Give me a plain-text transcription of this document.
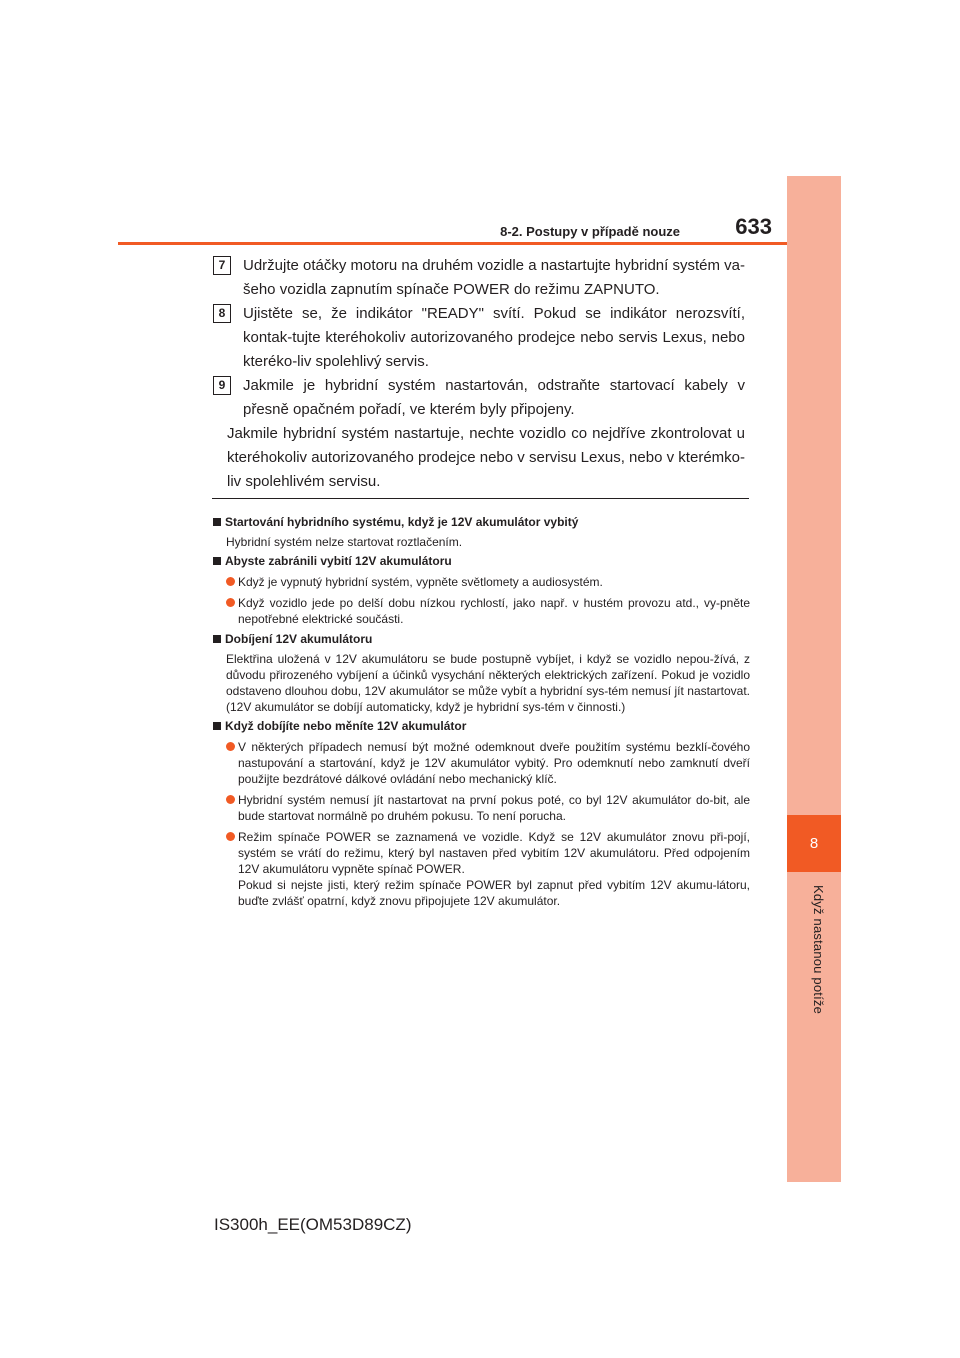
8
Když nastanou potíže
8-2. Postupy v případě nouze	633
7	Udržujte otáčky motoru na druhém vozidle a nastartujte hybridní systém va-šeho vozidla zapnutím spínače POWER do režimu ZAPNUTO.
8	Ujistěte se, že indikátor "READY" svítí. Pokud se indikátor nerozsvítí, kontak-tujte kteréhokoliv autorizovaného prodejce nebo servis Lexus, nebo kteréko-liv spolehlivý servis.
9	Jakmile je hybridní systém nastartován, odstraňte startovací kabely v přesně opačném pořadí, ve kterém byly připojeny.
Jakmile hybridní systém nastartuje, nechte vozidlo co nejdříve zkontrolovat u kteréhokoliv autorizovaného prodejce nebo v servisu Lexus, nebo v kterémko-liv spolehlivém servisu.
Startování hybridního systému, když je 12V akumulátor vybitý
Hybridní systém nelze startovat roztlačením.
Abyste zabránili vybití 12V akumulátoru
Když je vypnutý hybridní systém, vypněte světlomety a audiosystém.
Když vozidlo jede po delší dobu nízkou rychlostí, jako např. v hustém provozu atd., vy-pněte nepotřebné elektrické součásti.
Dobíjení 12V akumulátoru
Elektřina uložená v 12V akumulátoru se bude postupně vybíjet, i když se vozidlo nepou-žívá, z důvodu přirozeného vybíjení a účinků vysychání některých elektrických zařízení. Pokud je vozidlo odstaveno dlouhou dobu, 12V akumulátor se může vybít a hybridní sys-tém nemusí jít nastartovat. (12V akumulátor se dobíjí automaticky, když je hybridní sys-tém v činnosti.)
Když dobíjíte nebo měníte 12V akumulátor
V některých případech nemusí být možné odemknout dveře použitím systému bezklí-čového nastupování a startování, když je 12V akumulátor vybitý. Pro odemknutí nebo zamknutí dveří použijte bezdrátové dálkové ovládání nebo mechanický klíč.
Hybridní systém nemusí jít nastartovat na první pokus poté, co byl 12V akumulátor do-bit, ale bude startovat normálně po druhém pokusu. To není porucha.
Režim spínače POWER se zaznamená ve vozidle. Když se 12V akumulátor znovu při-pojí, systém se vrátí do režimu, který byl nastaven před vybitím 12V akumulátoru. Před odpojením 12V akumulátoru vypněte spínač POWER.
Pokud si nejste jisti, který režim spínače POWER byl zapnut před vybitím 12V akumu-látoru, buďte zvlášť opatrní, když znovu připojujete 12V akumulátor.
IS300h_EE(OM53D89CZ)
